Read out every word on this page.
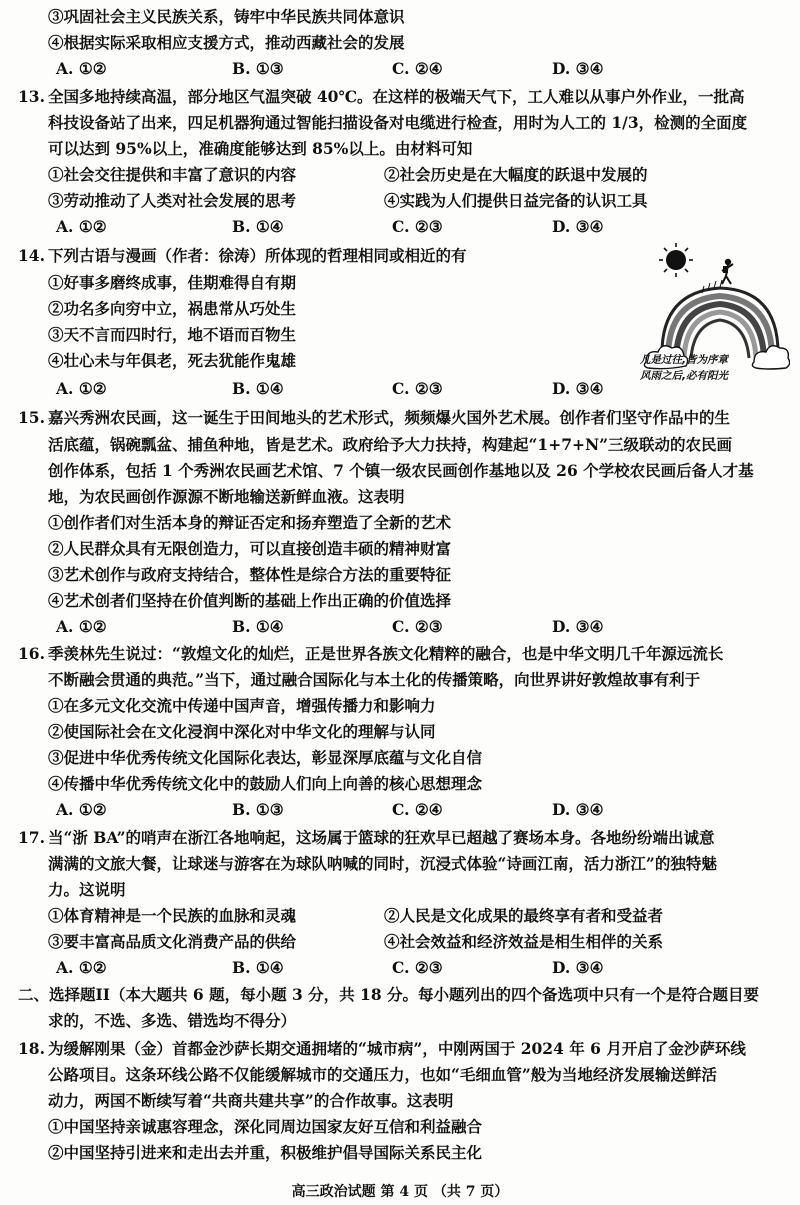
③巩固社会主义民族关系，铸牢中华民族共同体意识
④根据实际采取相应支援方式，推动西藏社会的发展
A. ①②	B. ①③	C. ②④	D. ③④
13. 全国多地持续高温，部分地区气温突破 40℃。在这样的极端天气下，工人难以从事户外作业，一批高
科技设备站了出来，四足机器狗通过智能扫描设备对电缆进行检查，用时为人工的 1/3，检测的全面度
可以达到 95%以上，准确度能够达到 85%以上。由材料可知
①社会交往提供和丰富了意识的内容	②社会历史是在大幅度的跃退中发展的
③劳动推动了人类对社会发展的思考	④实践为人们提供日益完备的认识工具
A. ①②	B. ①④	C. ②③	D. ③④
14. 下列古语与漫画（作者：徐涛）所体现的哲理相同或相近的有
①好事多磨终成事，佳期难得自有期
②功名多向穷中立，祸患常从巧处生
③天不言而四时行，地不语而百物生
④壮心未与年俱老，死去犹能作鬼雄
A. ①②	B. ①④	C. ②③	D. ③④
凡是过往,皆为序章
风雨之后,必有阳光
15. 嘉兴秀洲农民画，这一诞生于田间地头的艺术形式，频频爆火国外艺术展。创作者们坚守作品中的生
活底蕴，锅碗瓢盆、捕鱼种地，皆是艺术。政府给予大力扶持，构建起“1+7+N”三级联动的农民画
创作体系，包括 1 个秀洲农民画艺术馆、7 个镇一级农民画创作基地以及 26 个学校农民画后备人才基
地，为农民画创作源源不断地输送新鲜血液。这表明
①创作者们对生活本身的辩证否定和扬弃塑造了全新的艺术
②人民群众具有无限创造力，可以直接创造丰硕的精神财富
③艺术创作与政府支持结合，整体性是综合方法的重要特征
④艺术创者们坚持在价值判断的基础上作出正确的价值选择
A. ①②	B. ①④	C. ②③	D. ③④
16. 季羡林先生说过：“敦煌文化的灿烂，正是世界各族文化精粹的融合，也是中华文明几千年源远流长
不断融会贯通的典范。”当下，通过融合国际化与本土化的传播策略，向世界讲好敦煌故事有利于
①在多元文化交流中传递中国声音，增强传播力和影响力
②使国际社会在文化浸润中深化对中华文化的理解与认同
③促进中华优秀传统文化国际化表达，彰显深厚底蕴与文化自信
④传播中华优秀传统文化中的鼓励人们向上向善的核心思想理念
A. ①②	B. ①③	C. ②④	D. ③④
17. 当“浙 BA”的哨声在浙江各地响起，这场属于篮球的狂欢早已超越了赛场本身。各地纷纷端出诚意
满满的文旅大餐，让球迷与游客在为球队呐喊的同时，沉浸式体验“诗画江南，活力浙江”的独特魅
力。这说明
①体育精神是一个民族的血脉和灵魂	②人民是文化成果的最终享有者和受益者
③要丰富高品质文化消费产品的供给	④社会效益和经济效益是相生相伴的关系
A. ①②	B. ①④	C. ②③	D. ③④
二、选择题II（本大题共 6 题，每小题 3 分，共 18 分。每小题列出的四个备选项中只有一个是符合题目要
求的，不选、多选、错选均不得分）
18. 为缓解刚果（金）首都金沙萨长期交通拥堵的“城市病”，中刚两国于 2024 年 6 月开启了金沙萨环线
公路项目。这条环线公路不仅能缓解城市的交通压力，也如“毛细血管”般为当地经济发展输送鲜活
动力，两国不断续写着“共商共建共享”的合作故事。这表明
①中国坚持亲诚惠容理念，深化同周边国家友好互信和利益融合
②中国坚持引进来和走出去并重，积极维护倡导国际关系民主化
高三政治试题 第 4 页 （共 7 页）
